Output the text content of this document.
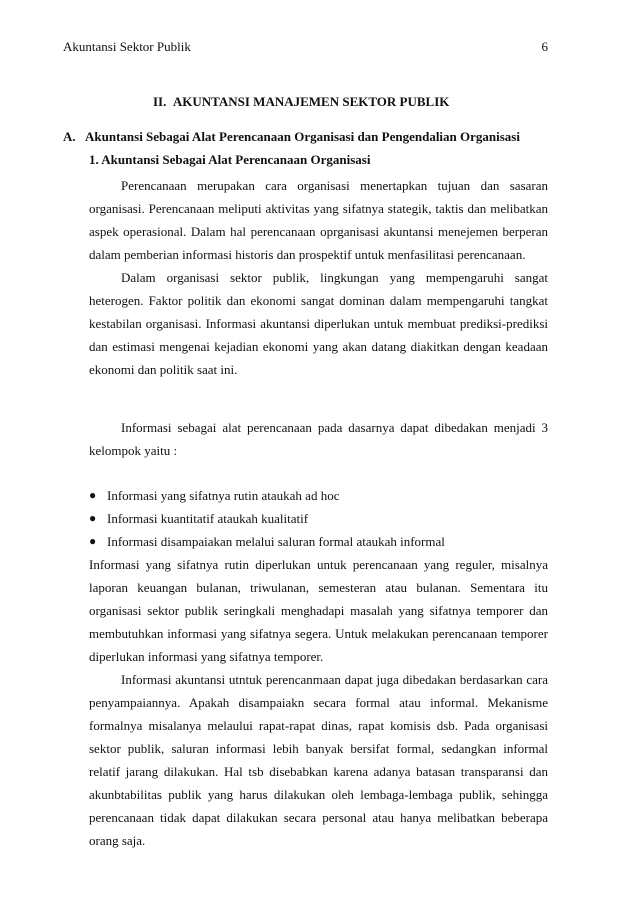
Akuntansi Sektor Publik	6
II. AKUNTANSI MANAJEMEN SEKTOR PUBLIK
A. Akuntansi Sebagai Alat Perencanaan Organisasi dan Pengendalian Organisasi
1. Akuntansi Sebagai Alat Perencanaan Organisasi

Perencanaan merupakan cara organisasi menertapkan tujuan dan sasaran organisasi. Perencanaan meliputi aktivitas yang sifatnya stategik, taktis dan melibatkan aspek operasional. Dalam hal perencanaan oprganisasi akuntansi menejemen berperan dalam pemberian informasi historis dan prospektif untuk menfasilitasi perencanaan.

Dalam organisasi sektor publik, lingkungan yang mempengaruhi sangat heterogen. Faktor politik dan ekonomi sangat dominan dalam mempengaruhi tangkat kestabilan organisasi. Informasi akuntansi diperlukan untuk membuat prediksi-prediksi dan estimasi mengenai kejadian ekonomi yang akan datang diakitkan dengan keadaan ekonomi dan politik saat ini.

Informasi sebagai alat perencanaan pada dasarnya dapat dibedakan menjadi 3 kelompok yaitu :

● Informasi yang sifatnya rutin ataukah ad hoc
● Informasi kuantitatif ataukah kualitatif
● Informasi disampaiakan melalui saluran formal ataukah informal

Informasi yang sifatnya rutin diperlukan untuk perencanaan yang reguler, misalnya laporan keuangan bulanan, triwulanan, semesteran atau bulanan. Sementara itu organisasi sektor publik seringkali menghadapi masalah yang sifatnya temporer dan membutuhkan informasi yang sifatnya segera. Untuk melakukan perencanaan temporer diperlukan informasi yang sifatnya temporer.

Informasi akuntansi utntuk perencanmaan dapat juga dibedakan berdasarkan cara penyampaiannya. Apakah disampaiakn secara formal atau informal. Mekanisme formalnya misalanya melaului rapat-rapat dinas, rapat komisis dsb. Pada organisasi sektor publik, saluran informasi lebih banyak bersifat formal, sedangkan informal relatif jarang dilakukan. Hal tsb disebabkan karena adanya batasan transparansi dan akunbtabilitas publik yang harus dilakukan oleh lembaga-lembaga publik, sehingga perencanaan tidak dapat dilakukan secara personal atau hanya melibatkan beberapa orang saja.
